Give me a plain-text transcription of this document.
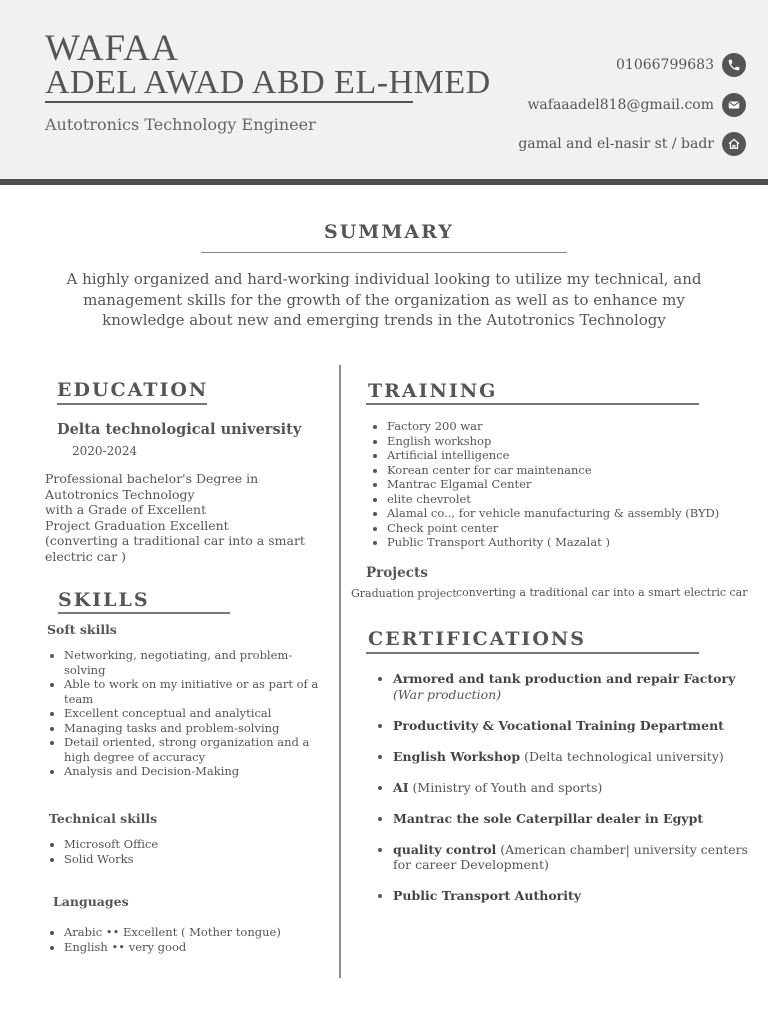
WAFAA
ADEL AWAD ABD EL-HMED
Autotronics Technology Engineer
01066799683
wafaaadel818@gmail.com
gamal and el-nasir st / badr
SUMMARY
A highly organized and hard-working individual looking to utilize my technical, and management skills for the growth of the organization as well as to enhance my knowledge about new and emerging trends in the Autotronics Technology
EDUCATION
Delta technological university
2020-2024
Professional bachelor's Degree in Autotronics Technology
with a Grade of Excellent
Project Graduation Excellent
(converting a traditional car into a smart electric car )
SKILLS
Soft skills
• Networking, negotiating, and problem-solving
• Able to work on my initiative or as part of a team
• Excellent conceptual and analytical
• Managing tasks and problem-solving
• Detail oriented, strong organization and a high degree of accuracy
• Analysis and Decision-Making
Technical skills
• Microsoft Office
• Solid Works
Languages
• Arabic •• Excellent ( Mother tongue)
• English •• very good
TRAINING
• Factory 200 war
• English workshop
• Artificial intelligence
• Korean center for car maintenance
• Mantrac Elgamal Center
• elite chevrolet
• Alamal co.., for vehicle manufacturing & assembly (BYD)
• Check point center
• Public Transport Authority ( Mazalat )
Projects
Graduation project converting a traditional car into a smart electric car
CERTIFICATIONS
• Armored and tank production and repair Factory
(War production)
• Productivity & Vocational Training Department
• English Workshop (Delta technological university)
• AI (Ministry of Youth and sports)
• Mantrac the sole Caterpillar dealer in Egypt
• quality control (American chamber| university centers for career Development)
• Public Transport Authority
